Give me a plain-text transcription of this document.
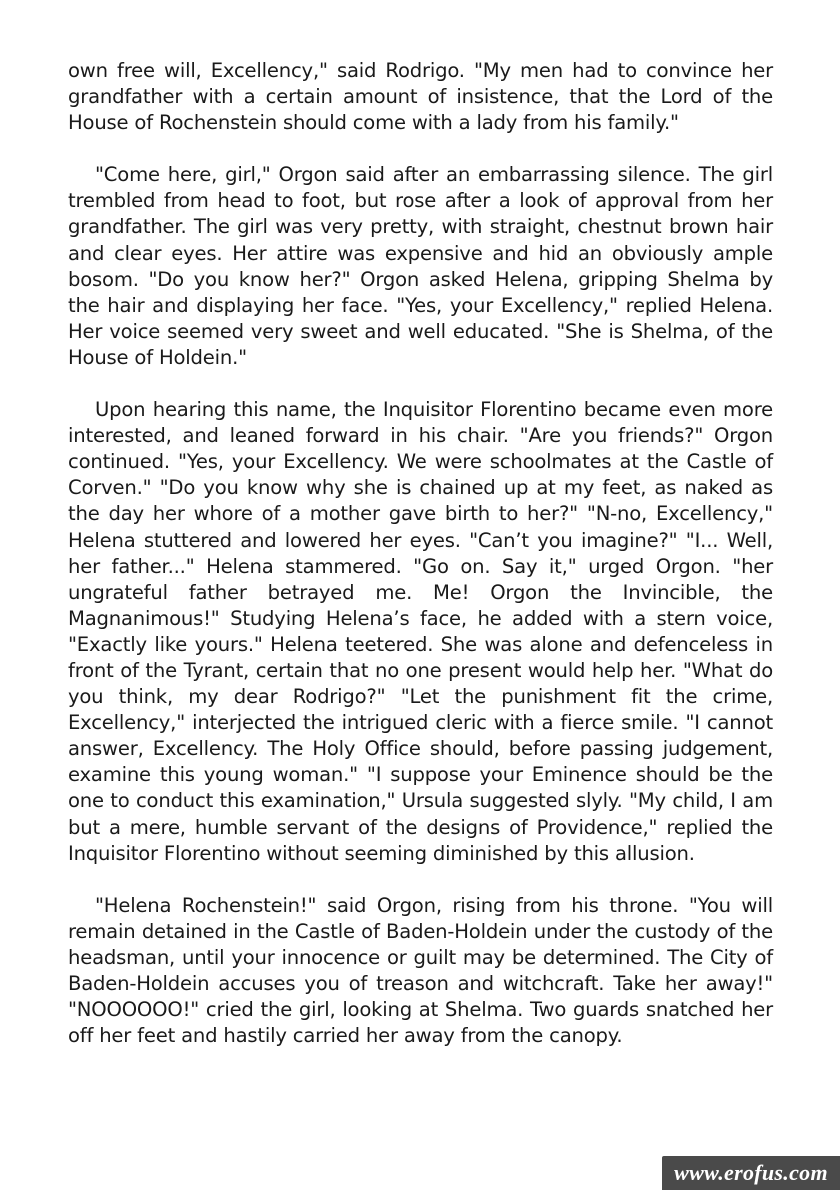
own free will, Excellency," said Rodrigo. "My men had to convince her grandfather with a certain amount of insistence, that the Lord of the House of Rochenstein should come with a lady from his family."

"Come here, girl," Orgon said after an embarrassing silence. The girl trembled from head to foot, but rose after a look of approval from her grandfather. The girl was very pretty, with straight, chestnut brown hair and clear eyes. Her attire was expensive and hid an obviously ample bosom. "Do you know her?" Orgon asked Helena, gripping Shelma by the hair and displaying her face. "Yes, your Excellency," replied Helena. Her voice seemed very sweet and well educated. "She is Shelma, of the House of Holdein."

Upon hearing this name, the Inquisitor Florentino became even more interested, and leaned forward in his chair. "Are you friends?" Orgon continued. "Yes, your Excellency. We were schoolmates at the Castle of Corven." "Do you know why she is chained up at my feet, as naked as the day her whore of a mother gave birth to her?" "N-no, Excellency," Helena stuttered and lowered her eyes. "Can’t you imagine?" "I... Well, her father..." Helena stammered. "Go on. Say it," urged Orgon. "her ungrateful father betrayed me. Me! Orgon the Invincible, the Magnanimous!" Studying Helena’s face, he added with a stern voice, "Exactly like yours." Helena teetered. She was alone and defenceless in front of the Tyrant, certain that no one present would help her. "What do you think, my dear Rodrigo?" "Let the punishment fit the crime, Excellency," interjected the intrigued cleric with a fierce smile. "I cannot answer, Excellency. The Holy Office should, before passing judgement, examine this young woman." "I suppose your Eminence should be the one to conduct this examination," Ursula suggested slyly. "My child, I am but a mere, humble servant of the designs of Providence," replied the Inquisitor Florentino without seeming diminished by this allusion.

"Helena Rochenstein!" said Orgon, rising from his throne. "You will remain detained in the Castle of Baden-Holdein under the custody of the headsman, until your innocence or guilt may be determined. The City of Baden-Holdein accuses you of treason and witchcraft. Take her away!" "NOOOOOO!" cried the girl, looking at Shelma. Two guards snatched her off her feet and hastily carried her away from the canopy.

www.erofus.com
